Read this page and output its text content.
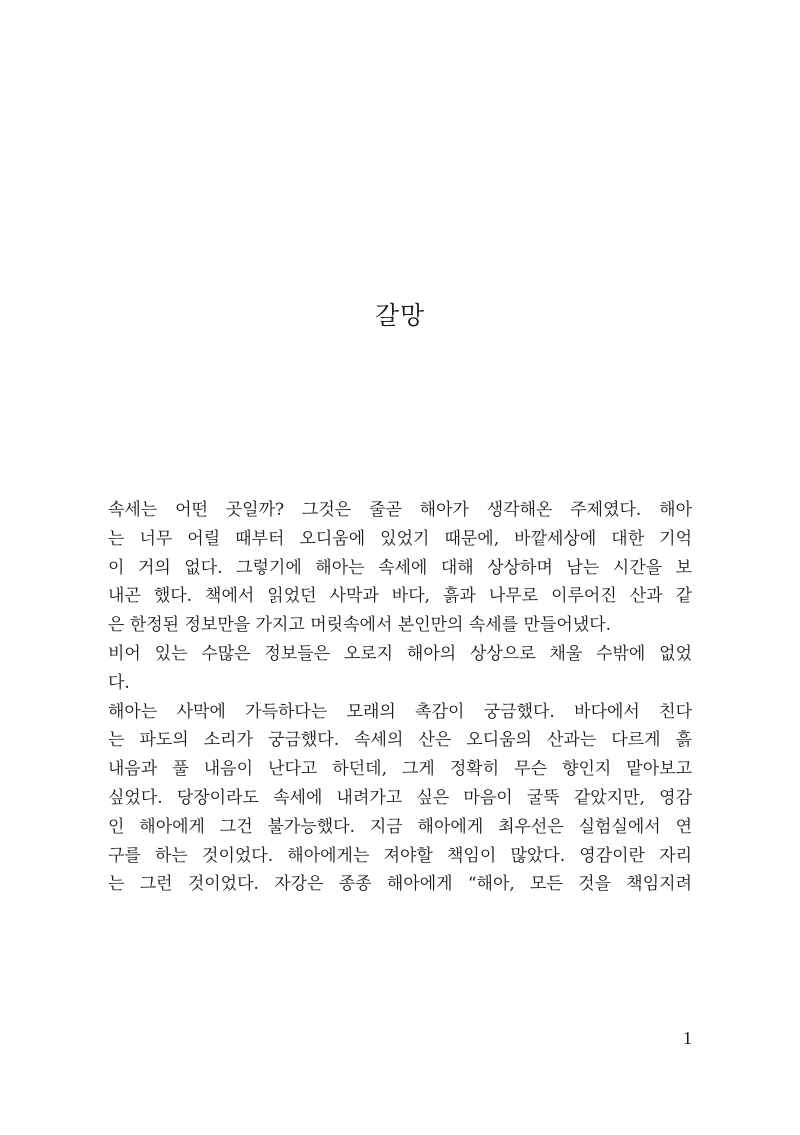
갈망
속세는 어떤 곳일까? 그것은 줄곧 해아가 생각해온 주제였다. 해아
는 너무 어릴 때부터 오디움에 있었기 때문에, 바깥세상에 대한 기억
이 거의 없다. 그렇기에 해아는 속세에 대해 상상하며 남는 시간을 보
내곤 했다. 책에서 읽었던 사막과 바다, 흙과 나무로 이루어진 산과 같
은 한정된 정보만을 가지고 머릿속에서 본인만의 속세를 만들어냈다.
비어 있는 수많은 정보들은 오로지 해아의 상상으로 채울 수밖에 없었
다.
해아는 사막에 가득하다는 모래의 촉감이 궁금했다. 바다에서 친다
는 파도의 소리가 궁금했다. 속세의 산은 오디움의 산과는 다르게 흙
내음과 풀 내음이 난다고 하던데, 그게 정확히 무슨 향인지 맡아보고
싶었다. 당장이라도 속세에 내려가고 싶은 마음이 굴뚝 같았지만, 영감
인 해아에게 그건 불가능했다. 지금 해아에게 최우선은 실험실에서 연
구를 하는 것이었다. 해아에게는 져야할 책임이 많았다. 영감이란 자리
는 그런 것이었다. 자강은 종종 해아에게 “해아, 모든 것을 책임지려
1
